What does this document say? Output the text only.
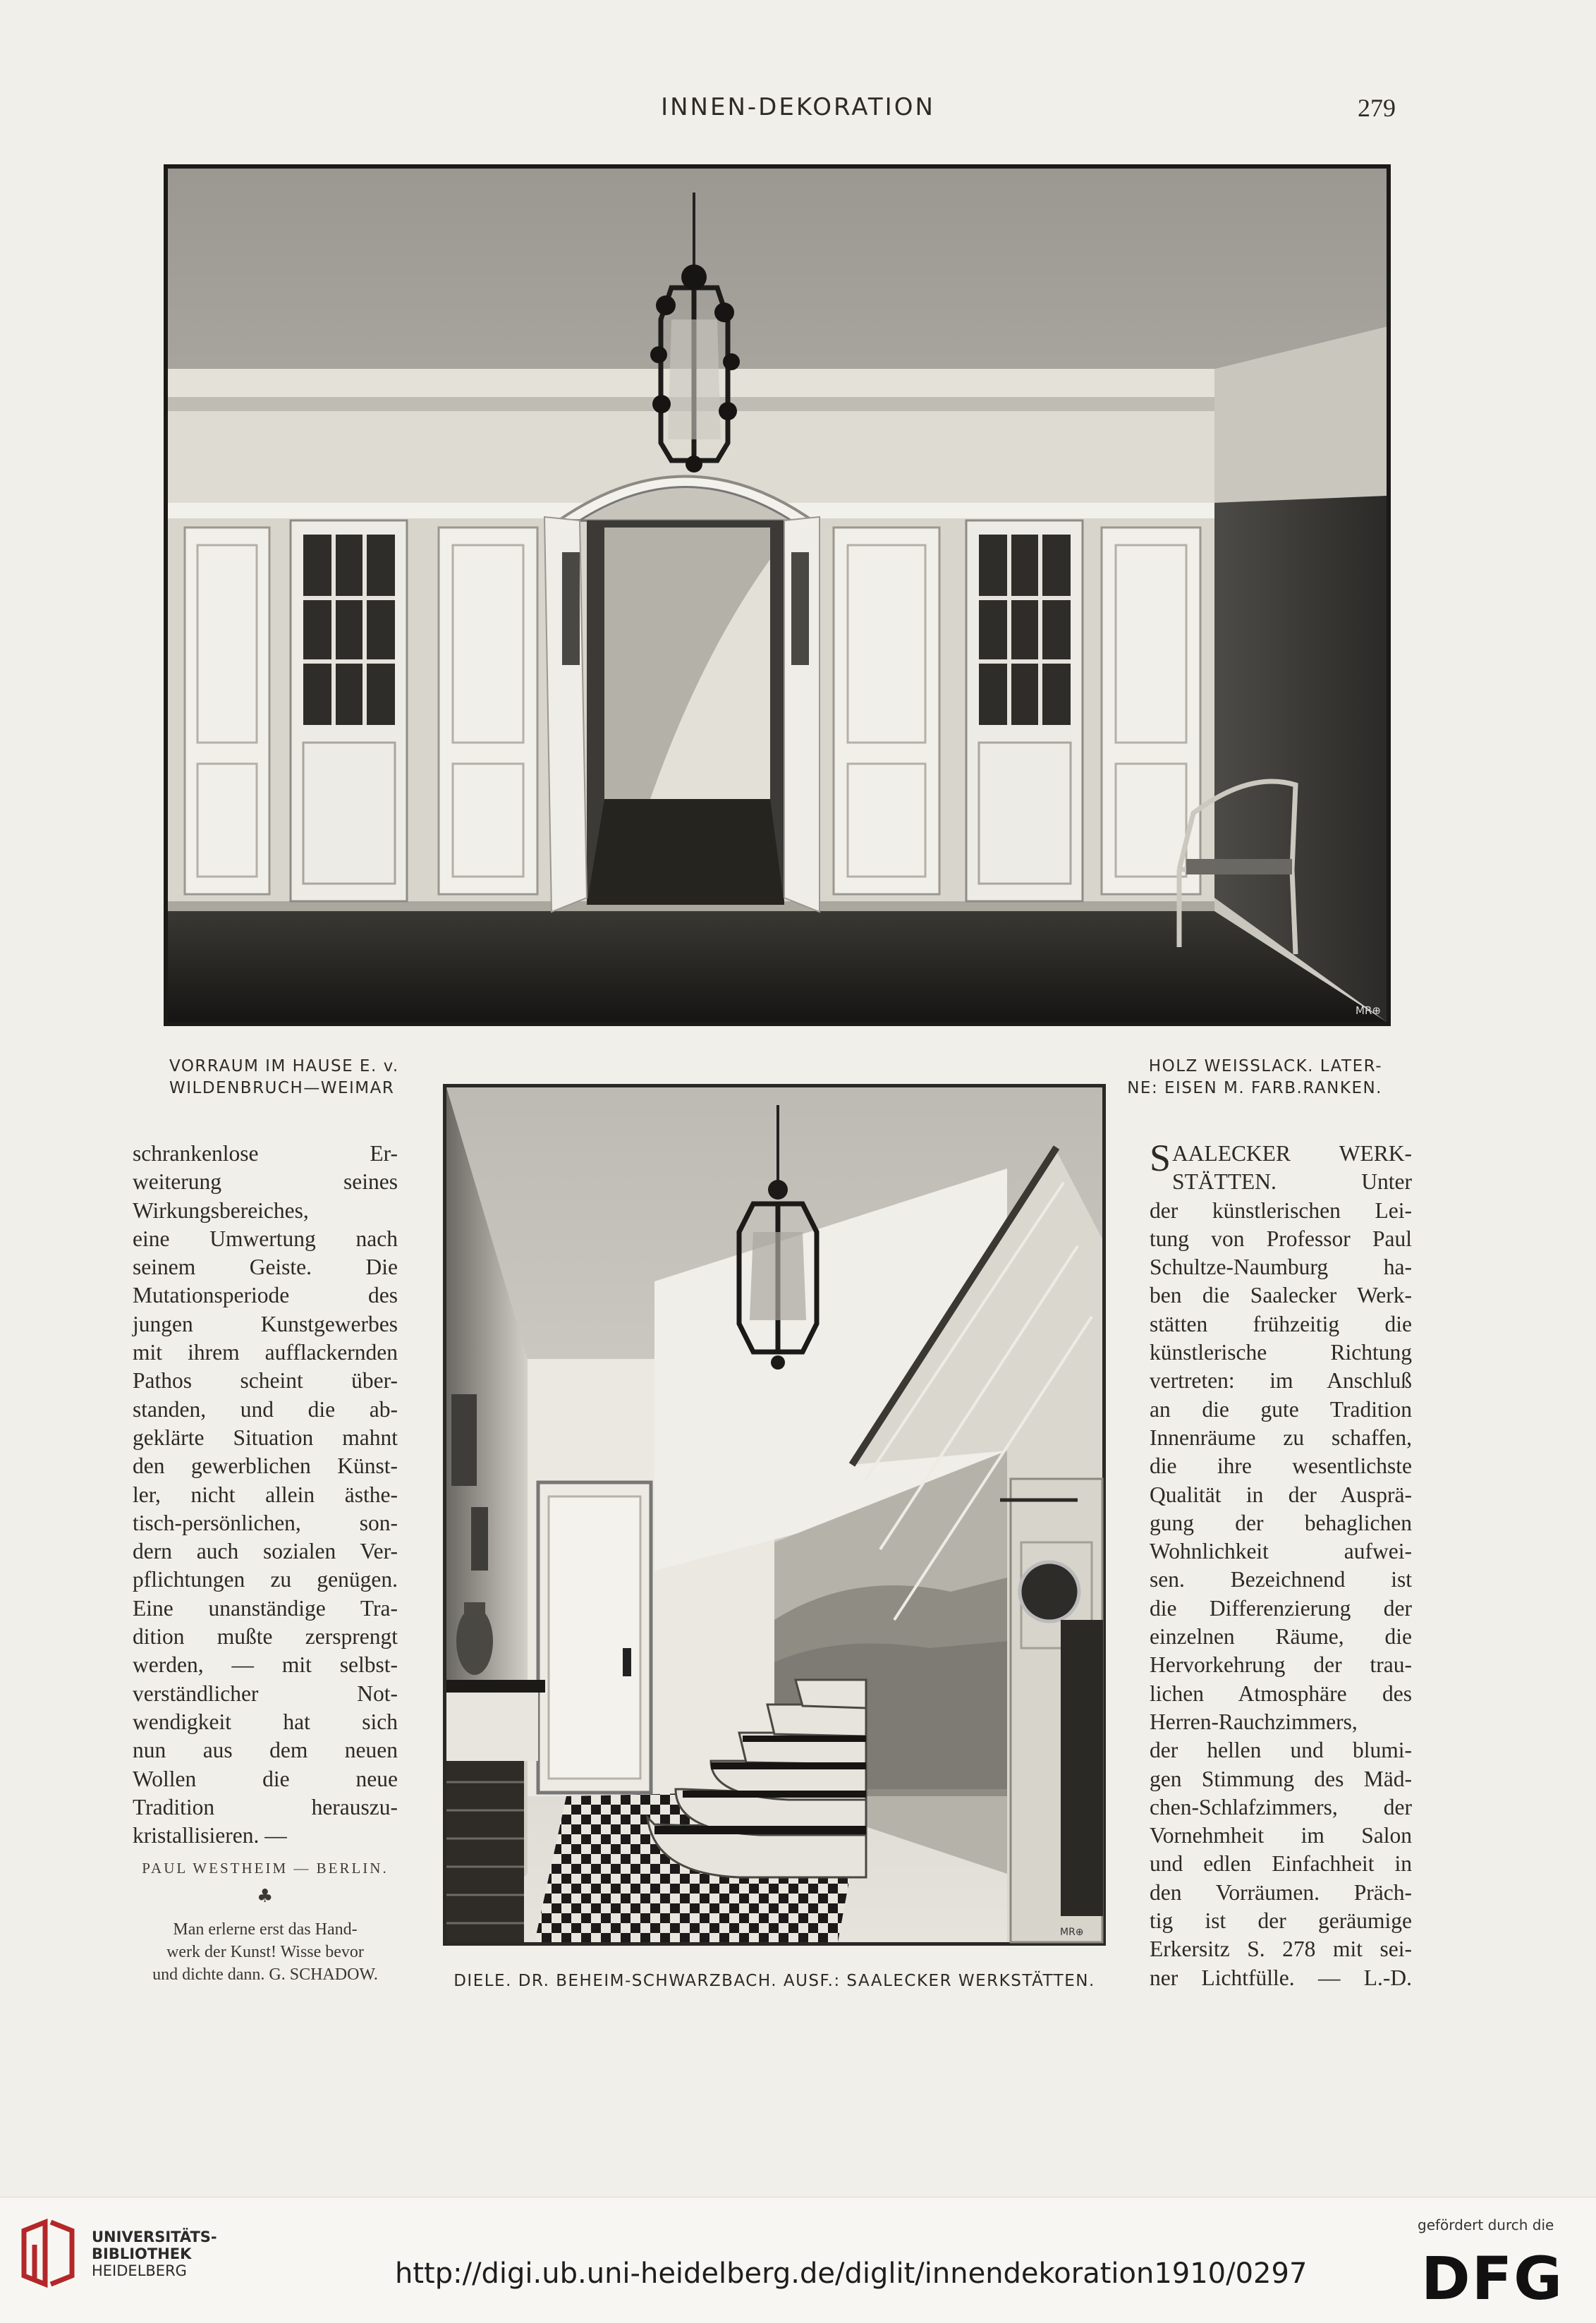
INNEN-DEKORATION	279
MR⊕
VORRAUM IM HAUSE E. v.
WILDENBRUCH—WEIMAR
HOLZ WEISSLACK. LATER-
NE: EISEN M. FARB.RANKEN.
MR⊕
DIELE. DR. BEHEIM-SCHWARZBACH. AUSF.: SAALECKER WERKSTÄTTEN.
schrankenlose Er-
weiterung seines
Wirkungsbereiches,
eine Umwertung nach
seinem Geiste. Die
Mutationsperiode des
jungen Kunstgewerbes
mit ihrem aufflackernden
Pathos scheint über-
standen, und die ab-
geklärte Situation mahnt
den gewerblichen Künst-
ler, nicht allein ästhe-
tisch-persönlichen, son-
dern auch sozialen Ver-
pflichtungen zu genügen.
Eine unanständige Tra-
dition mußte zersprengt
werden, — mit selbst-
verständlicher Not-
wendigkeit hat sich
nun aus dem neuen
Wollen die neue
Tradition herauszu-
kristallisieren. —
PAUL WESTHEIM — BERLIN.
♣
Man erlerne erst das Hand-
werk der Kunst! Wisse bevor
und dichte dann. G. SCHADOW.
S AALECKER WERK-
STÄTTEN. Unter
der künstlerischen Lei-
tung von Professor Paul
Schultze-Naumburg ha-
ben die Saalecker Werk-
stätten frühzeitig die
künstlerische Richtung
vertreten: im Anschluß
an die gute Tradition
Innenräume zu schaffen,
die ihre wesentlichste
Qualität in der Ausprä-
gung der behaglichen
Wohnlichkeit aufwei-
sen. Bezeichnend ist
die Differenzierung der
einzelnen Räume, die
Hervorkehrung der trau-
lichen Atmosphäre des
Herren-Rauchzimmers,
der hellen und blumi-
gen Stimmung des Mäd-
chen-Schlafzimmers, der
Vornehmheit im Salon
und edlen Einfachheit in
den Vorräumen. Präch-
tig ist der geräumige
Erkersitz S. 278 mit sei-
ner Lichtfülle. — L.-D.
UNIVERSITÄTS-
BIBLIOTHEK
HEIDELBERG	http://digi.ub.uni-heidelberg.de/diglit/innendekoration1910/0297
gefördert durch die
DFG
